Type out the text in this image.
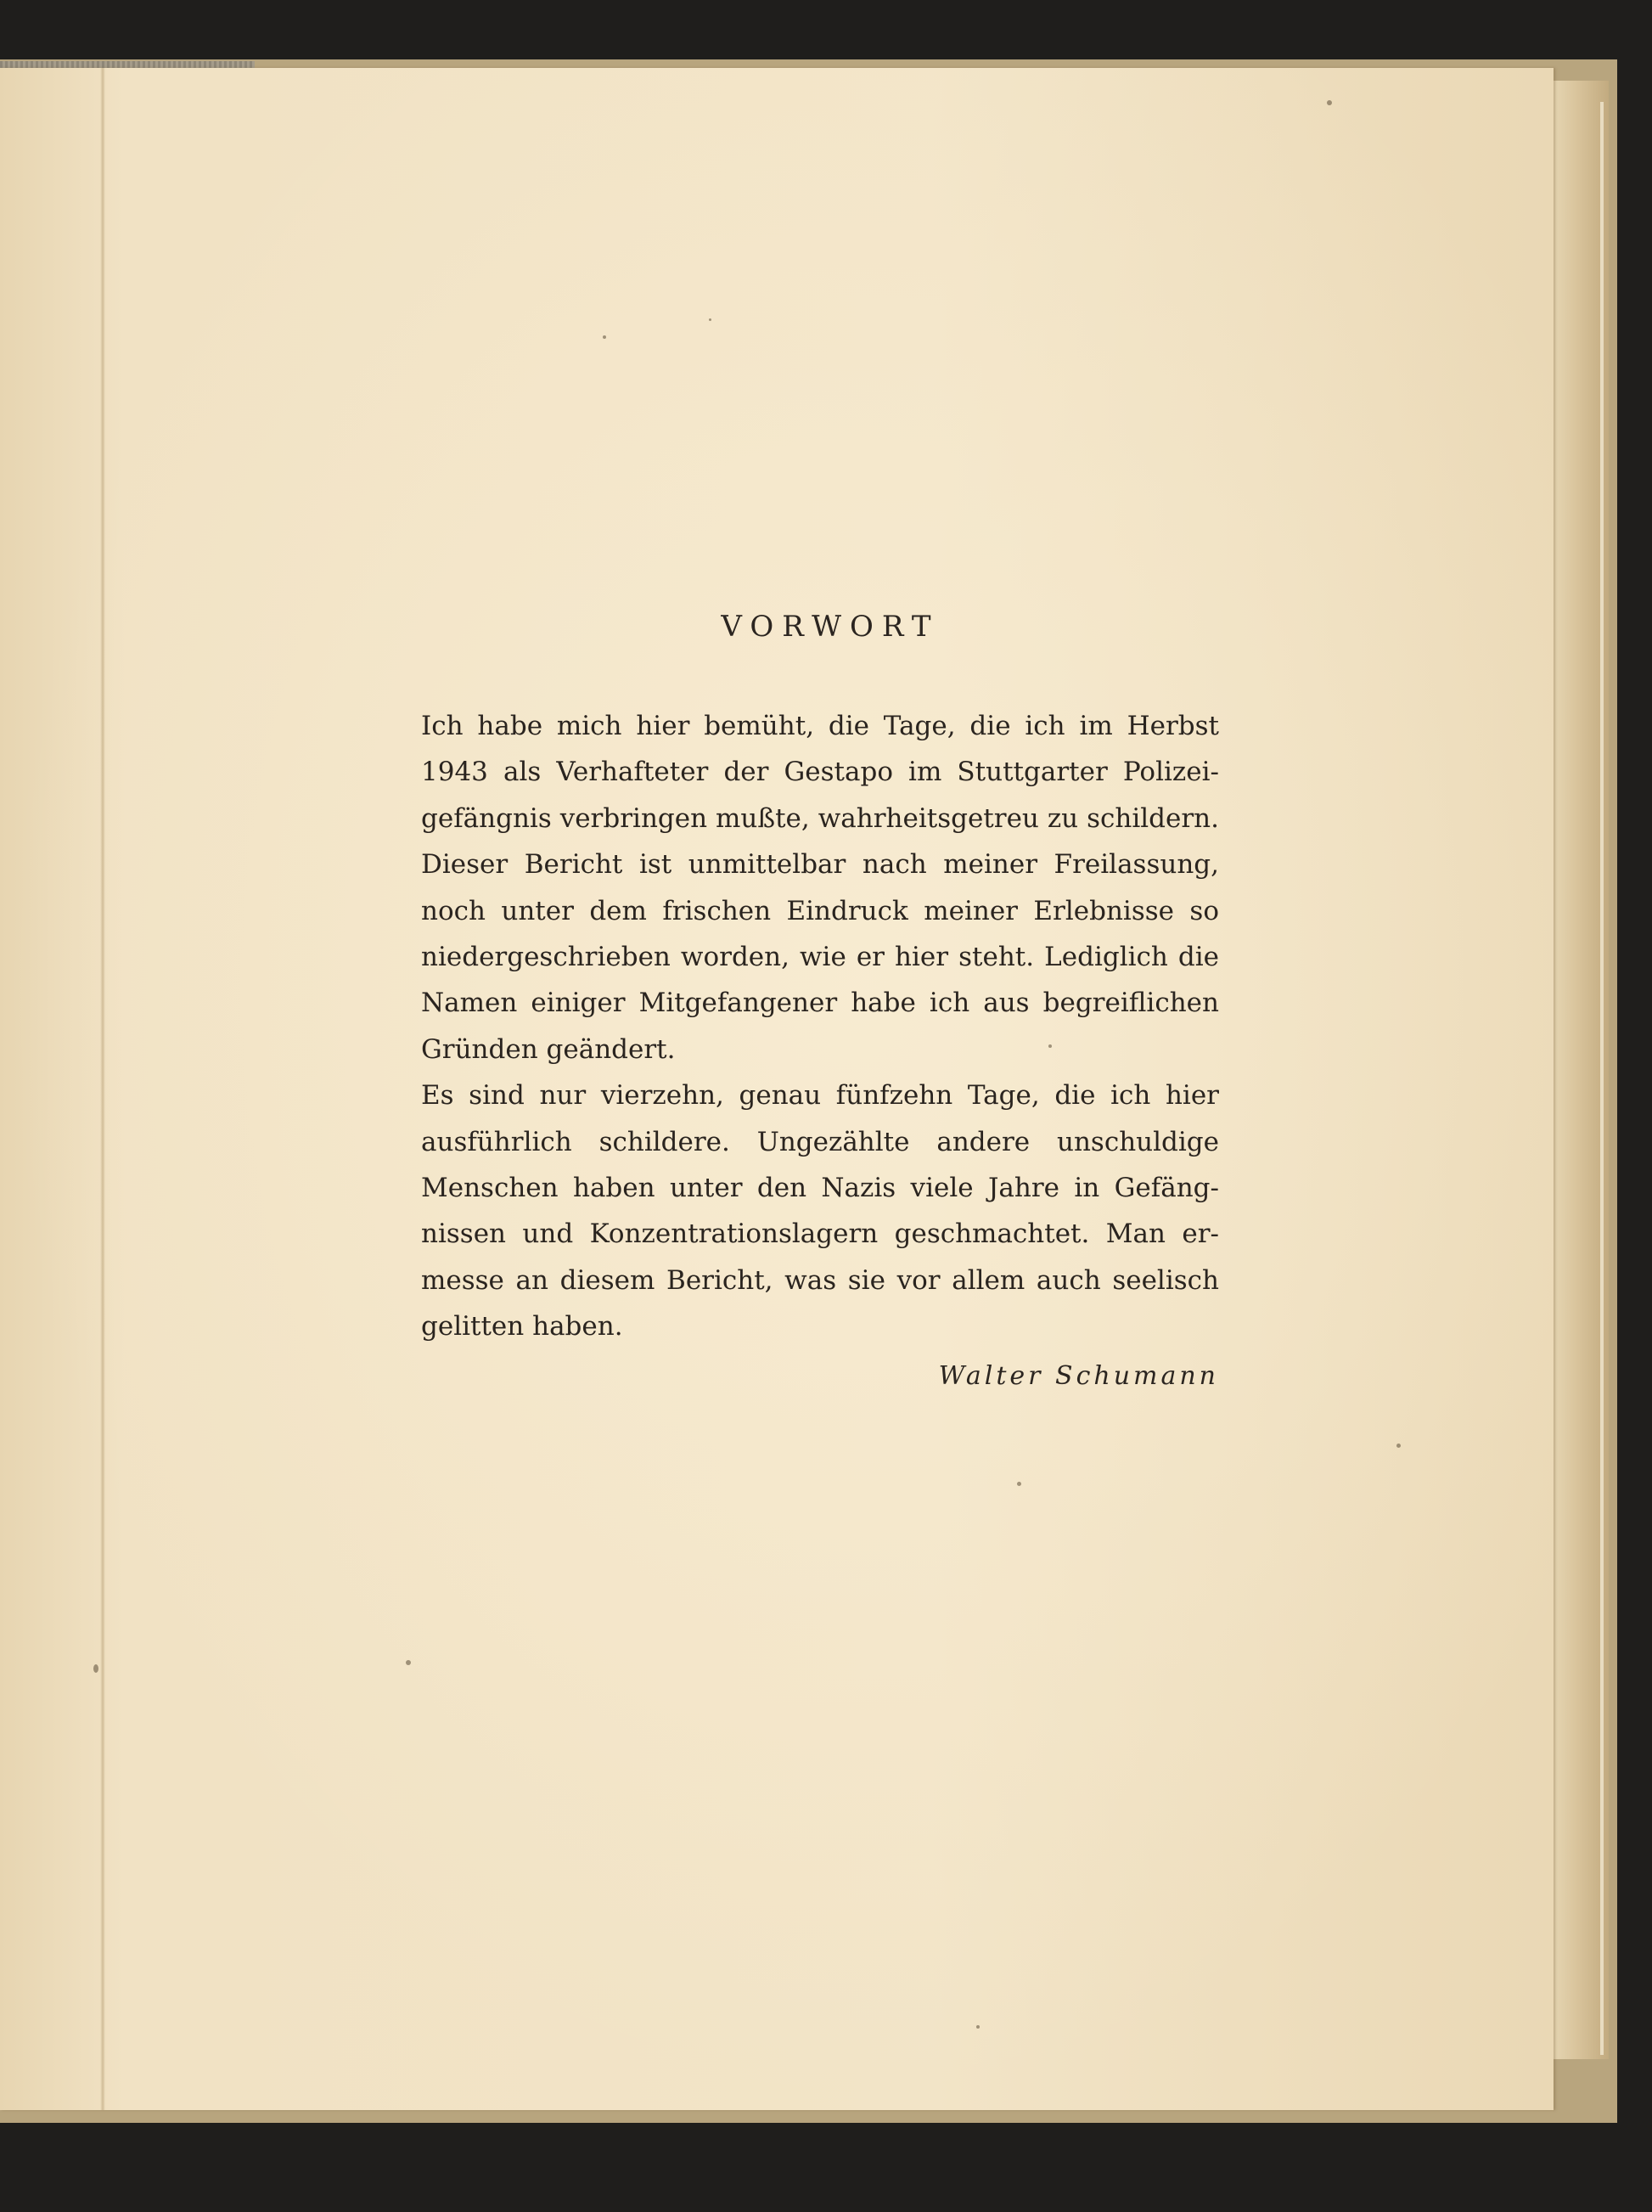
VORWORT
Ich habe mich hier bemüht, die Tage, die ich im Herbst
1943 als Verhafteter der Gestapo im Stuttgarter Polizei-
gefängnis verbringen mußte, wahrheitsgetreu zu schildern.
Dieser Bericht ist unmittelbar nach meiner Freilassung,
noch unter dem frischen Eindruck meiner Erlebnisse so
niedergeschrieben worden, wie er hier steht. Lediglich die
Namen einiger Mitgefangener habe ich aus begreiflichen
Gründen geändert.
Es sind nur vierzehn, genau fünfzehn Tage, die ich hier
ausführlich schildere. Ungezählte andere unschuldige
Menschen haben unter den Nazis viele Jahre in Gefäng-
nissen und Konzentrationslagern geschmachtet. Man er-
messe an diesem Bericht, was sie vor allem auch seelisch
gelitten haben.
Walter Schumann
